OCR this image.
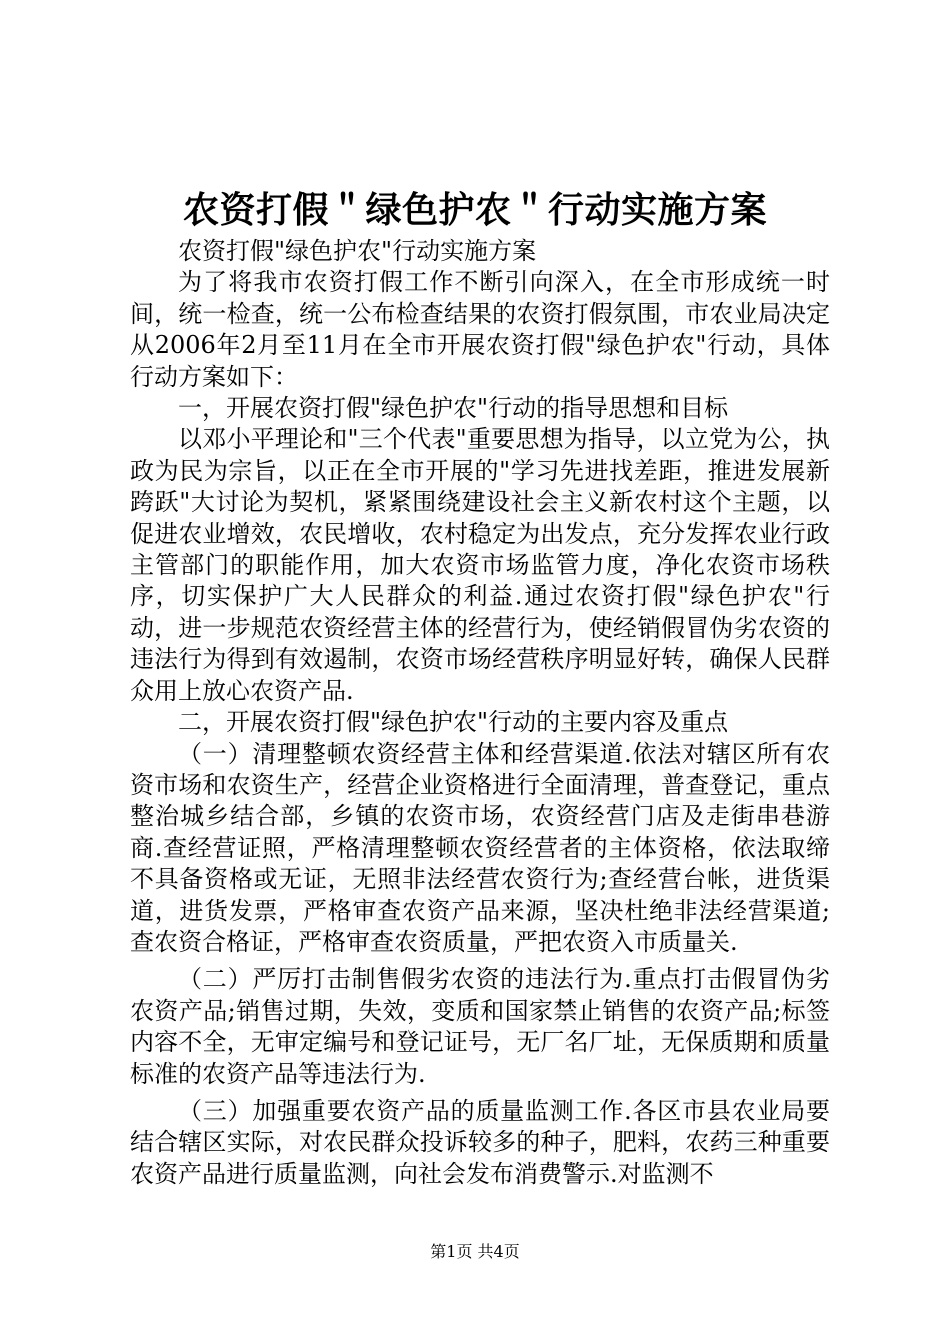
农资打假＂绿色护农＂行动实施方案

农资打假"绿色护农"行动实施方案

为了将我市农资打假工作不断引向深入，在全市形成统一时间，统一检查，统一公布检查结果的农资打假氛围，市农业局决定从2006年2月至11月在全市开展农资打假"绿色护农"行动，具体行动方案如下：

一，开展农资打假"绿色护农"行动的指导思想和目标

以邓小平理论和"三个代表"重要思想为指导，以立党为公，执政为民为宗旨，以正在全市开展的"学习先进找差距，推进发展新跨跃"大讨论为契机，紧紧围绕建设社会主义新农村这个主题，以促进农业增效，农民增收，农村稳定为出发点，充分发挥农业行政主管部门的职能作用，加大农资市场监管力度，净化农资市场秩序，切实保护广大人民群众的利益.通过农资打假"绿色护农"行动，进一步规范农资经营主体的经营行为，使经销假冒伪劣农资的违法行为得到有效遏制，农资市场经营秩序明显好转，确保人民群众用上放心农资产品.

二，开展农资打假"绿色护农"行动的主要内容及重点

（一）清理整顿农资经营主体和经营渠道.依法对辖区所有农资市场和农资生产，经营企业资格进行全面清理，普查登记，重点整治城乡结合部，乡镇的农资市场，农资经营门店及走街串巷游商.查经营证照，严格清理整顿农资经营者的主体资格，依法取缔不具备资格或无证，无照非法经营农资行为;查经营台帐，进货渠道，进货发票，严格审查农资产品来源，坚决杜绝非法经营渠道;查农资合格证，严格审查农资质量，严把农资入市质量关.

（二）严厉打击制售假劣农资的违法行为.重点打击假冒伪劣农资产品;销售过期，失效，变质和国家禁止销售的农资产品;标签内容不全，无审定编号和登记证号，无厂名厂址，无保质期和质量标准的农资产品等违法行为.

（三）加强重要农资产品的质量监测工作.各区市县农业局要结合辖区实际，对农民群众投诉较多的种子，肥料，农药三种重要农资产品进行质量监测，向社会发布消费警示.对监测不

第1页 共4页
